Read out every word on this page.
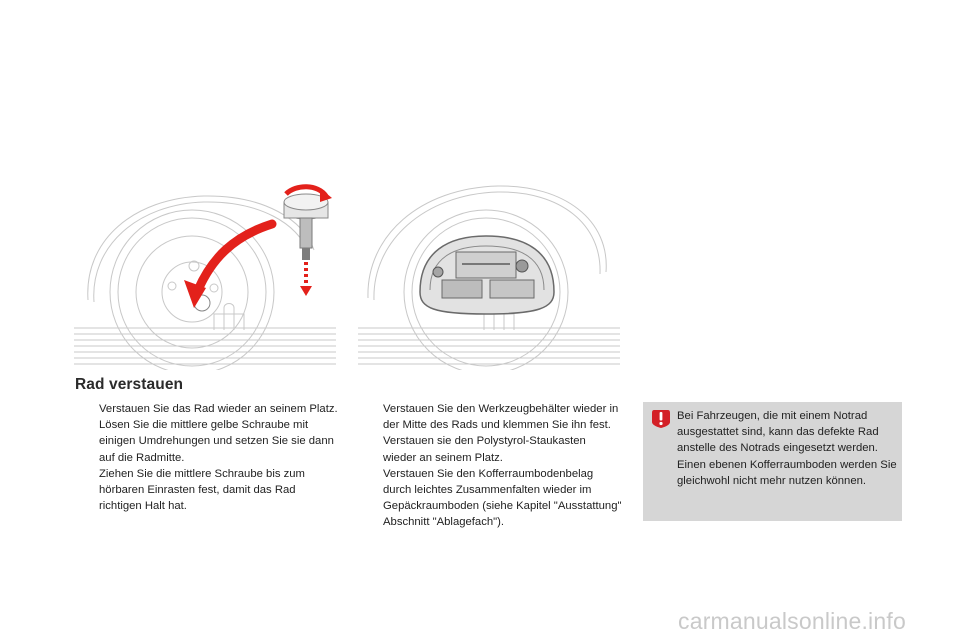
Rad verstauen
Verstauen Sie das Rad wieder an seinem Platz.
Lösen Sie die mittlere gelbe Schraube mit einigen Umdrehungen und setzen Sie sie dann auf die Radmitte.
Ziehen Sie die mittlere Schraube bis zum hörbaren Einrasten fest, damit das Rad richtigen Halt hat.
Verstauen Sie den Werkzeugbehälter wieder in der Mitte des Rads und klemmen Sie ihn fest.
Verstauen sie den Polystyrol-Staukasten wieder an seinem Platz.
Verstauen Sie den Kofferraumbodenbelag durch leichtes Zusammenfalten wieder im Gepäckraumboden (siehe Kapitel "Ausstattung" Abschnitt "Ablagefach").

Bei Fahrzeugen, die mit einem Notrad ausgestattet sind, kann das defekte Rad anstelle des Notrads eingesetzt werden. Einen ebenen Kofferraumboden werden Sie gleichwohl nicht mehr nutzen können.

carmanualsonline.info
